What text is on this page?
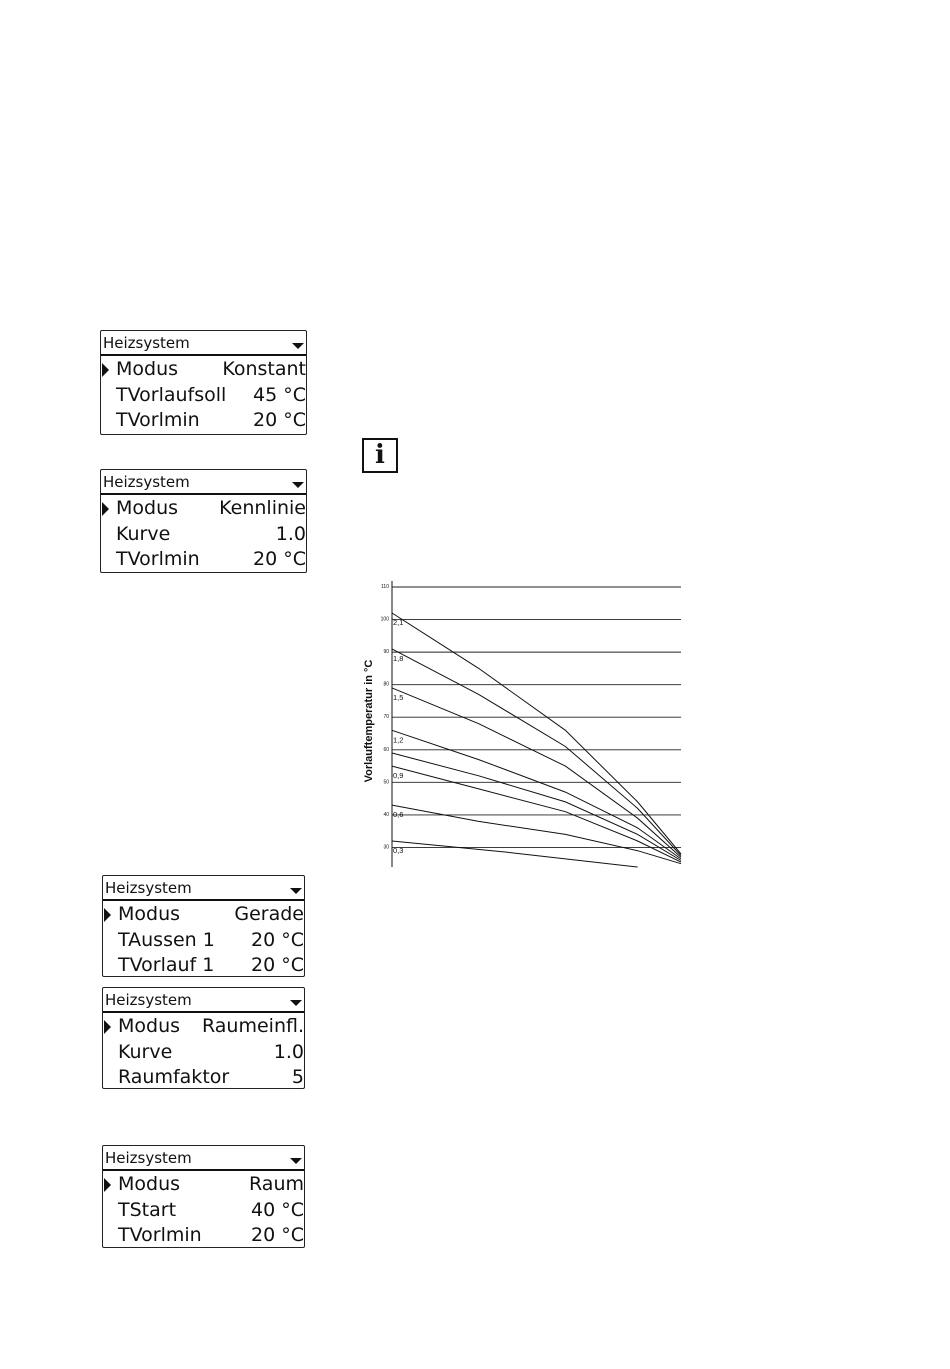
Heizsystem
Modus Konstant
TVorlaufsoll 45 °C
TVorlmin	20 °C
Heizsystem
Modus Kennlinie
Kurve	1.0
TVorlmin	20 °C
Heizsystem
Modus	Gerade
TAussen 1 20 °C
TVorlauf 1 20 °C
Heizsystem
Modus Raumeinfl.
Kurve	1.0
Raumfaktor	5
Heizsystem
Modus	Raum
TStart	40 °C
TVorlmin	20 °C
i
30
40
50
60
70
80
90
100
110
2,1
1,8
1,5
1,2
0,9
0,6
0,3
Vorlauftemperatur in °C
